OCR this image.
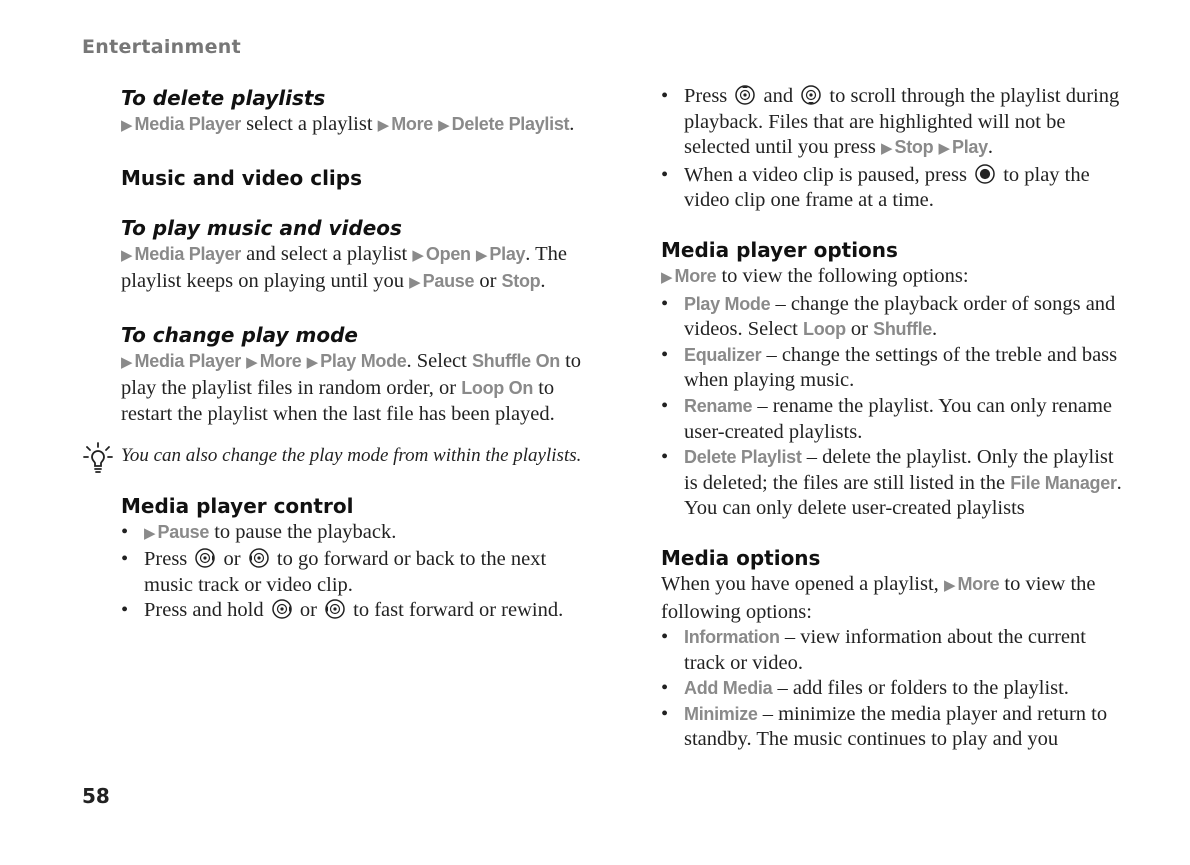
Entertainment
To delete playlists

▶ Media Player select a playlist ▶ More ▶ Delete Playlist.

Music and video clips
To play music and videos

▶ Media Player and select a playlist ▶ Open ▶ Play. The playlist keeps on playing until you ▶ Pause or Stop.

To change play mode

▶ Media Player ▶ More ▶ Play Mode. Select Shuffle On to play the playlist files in random order, or Loop On to restart the playlist when the last file has been played.

You can also change the play mode from within the playlists.

Media player control
• ▶ Pause to pause the playback.
• Press  or  to go forward or back to the next music track or video clip.
• Press and hold  or  to fast forward or rewind.
• Press  and  to scroll through the playlist during playback. Files that are highlighted will not be selected until you press ▶ Stop ▶ Play.
• When a video clip is paused, press  to play the video clip one frame at a time.
Media player options

▶ More to view the following options:

• Play Mode – change the playback order of songs and videos. Select Loop or Shuffle.
• Equalizer – change the settings of the treble and bass when playing music.
• Rename – rename the playlist. You can only rename user-created playlists.
• Delete Playlist – delete the playlist. Only the playlist is deleted; the files are still listed in the File Manager. You can only delete user-created playlists
Media options

When you have opened a playlist, ▶ More to view the following options:

• Information – view information about the current track or video.
• Add Media – add files or folders to the playlist.
• Minimize – minimize the media player and return to standby. The music continues to play and you
58
